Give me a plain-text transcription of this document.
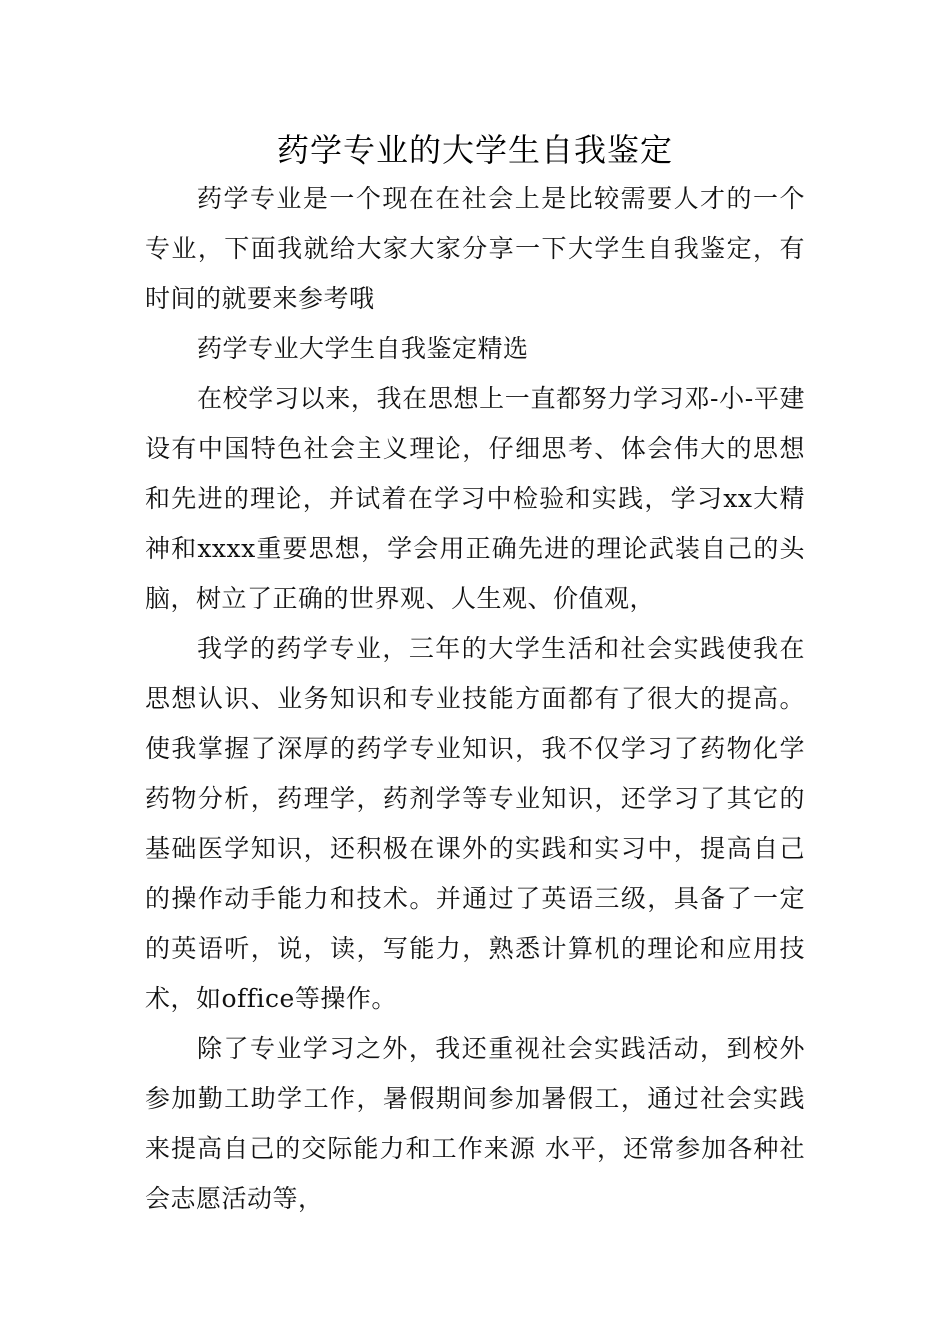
药学专业的大学生自我鉴定

药学专业是一个现在在社会上是比较需要人才的一个专业，下面我就给大家大家分享一下大学生自我鉴定，有时间的就要来参考哦

药学专业大学生自我鉴定精选

在校学习以来，我在思想上一直都努力学习邓-小-平建设有中国特色社会主义理论，仔细思考、体会伟大的思想和先进的理论，并试着在学习中检验和实践，学习xx大精神和xxxx重要思想，学会用正确先进的理论武装自己的头脑，树立了正确的世界观、人生观、价值观，

我学的药学专业，三年的大学生活和社会实践使我在思想认识、业务知识和专业技能方面都有了很大的提高。使我掌握了深厚的药学专业知识，我不仅学习了药物化学药物分析，药理学，药剂学等专业知识，还学习了其它的基础医学知识，还积极在课外的实践和实习中，提高自己的操作动手能力和技术。并通过了英语三级，具备了一定的英语听，说，读，写能力，熟悉计算机的理论和应用技术，如office等操作。

除了专业学习之外，我还重视社会实践活动，到校外参加勤工助学工作，暑假期间参加暑假工，通过社会实践来提高自己的交际能力和工作来源 水平，还常参加各种社会志愿活动等，
